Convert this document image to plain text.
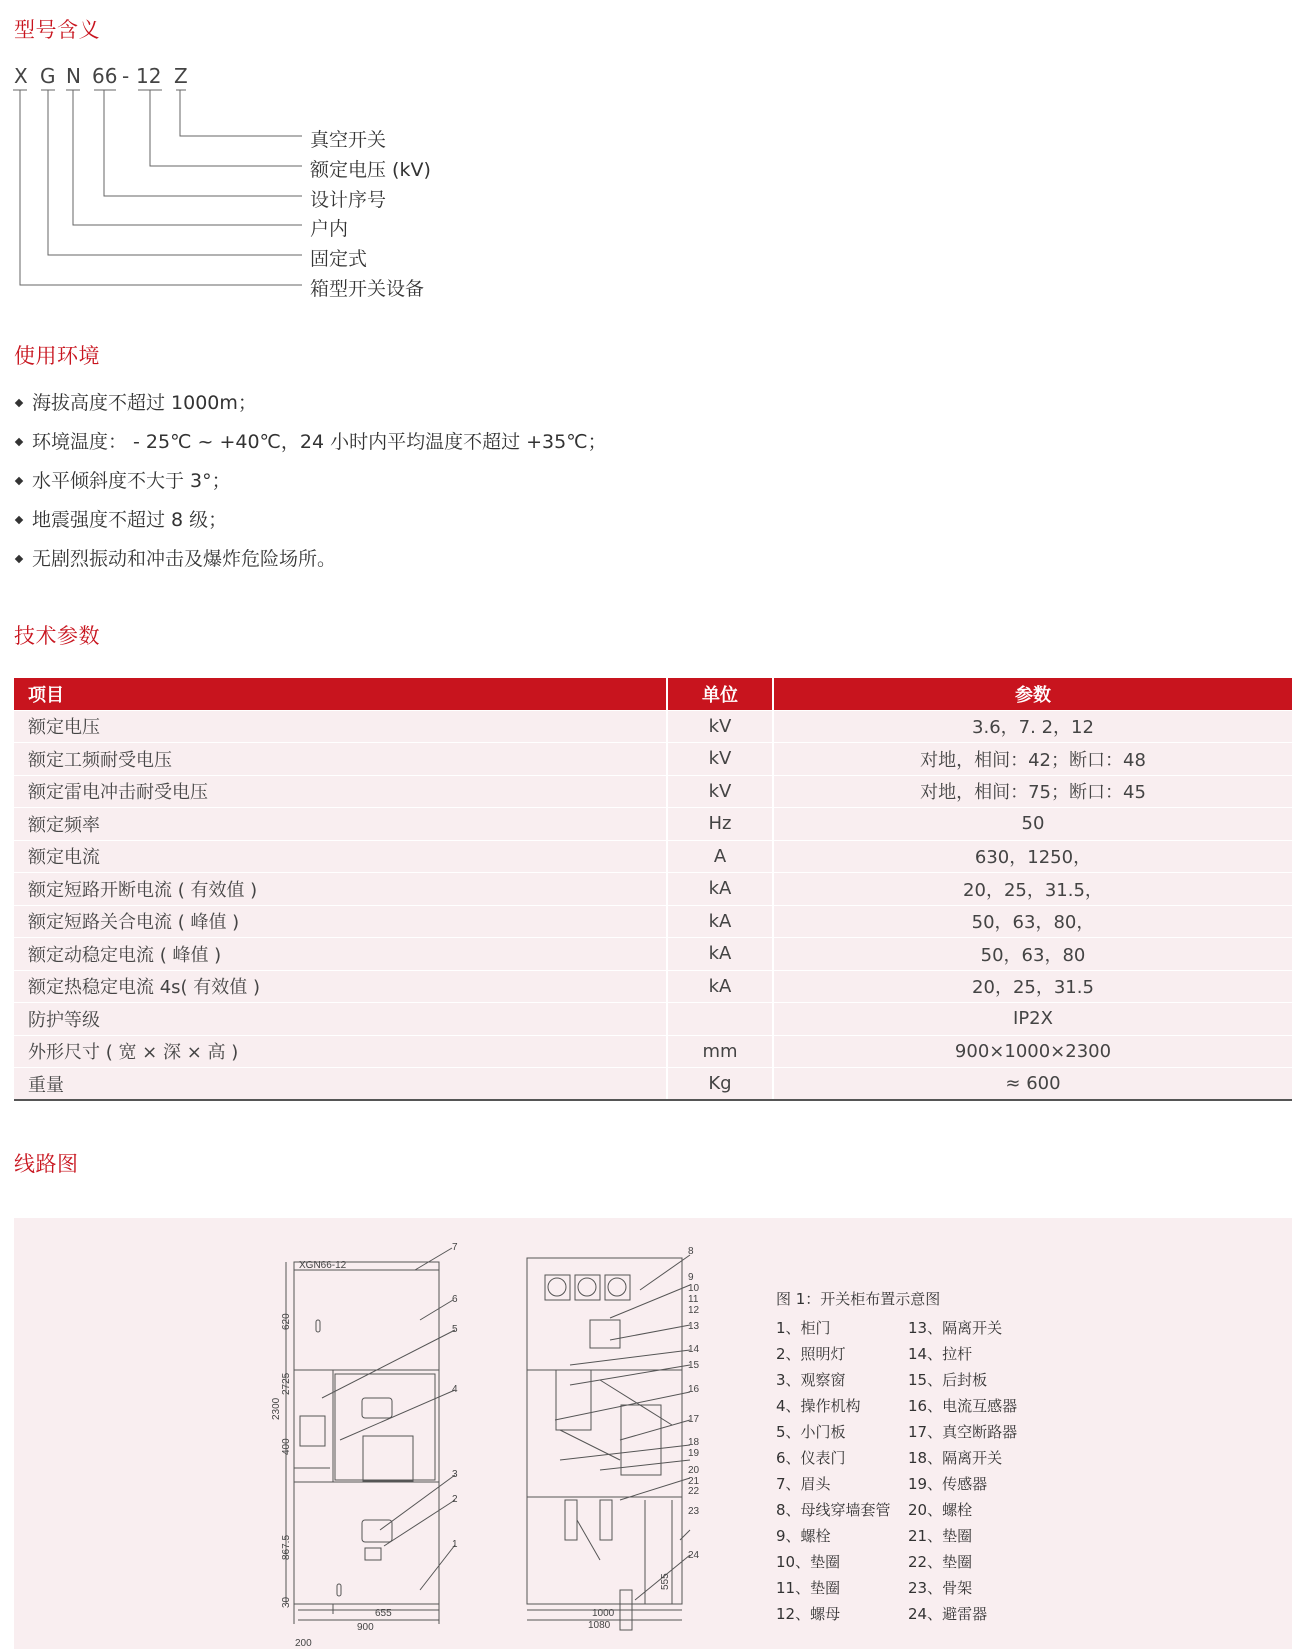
型号含义
X G N 66 - 12 Z
真空开关
额定电压 (kV)
设计序号
户内
固定式
箱型开关设备
使用环境
海拔高度不超过 1000m；
环境温度： - 25℃ ~ +40℃，24 小时内平均温度不超过 +35℃；
水平倾斜度不大于 3°；
地震强度不超过 8 级；
无剧烈振动和冲击及爆炸危险场所。
技术参数
项目	单位	参数
额定电压	kV	3.6，7. 2，12
额定工频耐受电压	kV	对地，相间：42；断口：48
额定雷电冲击耐受电压	kV	对地，相间：75；断口：45
额定频率	Hz	50
额定电流	A	630，1250，
额定短路开断电流 ( 有效值 )	kA	20，25，31.5，
额定短路关合电流 ( 峰值 )	kA	50，63，80，
额定动稳定电流 ( 峰值 )	kA	50，63，80
额定热稳定电流 4s( 有效值 )	kA	20，25，31.5
防护等级		IP2X
外形尺寸 ( 宽 × 深 × 高 )	mm	900×1000×2300
重量	Kg	≈ 600
线路图
XGN66-12
200
655
900
1000
1080
2300
620
2725
400
867.5
30
555
7
6
5
4
3
2
1
8
9
10
11
12
13
14
15
16
17
18
19
20
21
22
23
24
图 1：开关柜布置示意图
1、柜门
2、照明灯
3、观察窗
4、操作机构
5、小门板
6、仪表门
7、眉头
8、母线穿墙套管
9、螺栓
10、垫圈
11、垫圈
12、螺母
13、隔离开关
14、拉杆
15、后封板
16、电流互感器
17、真空断路器
18、隔离开关
19、传感器
20、螺栓
21、垫圈
22、垫圈
23、骨架
24、避雷器
